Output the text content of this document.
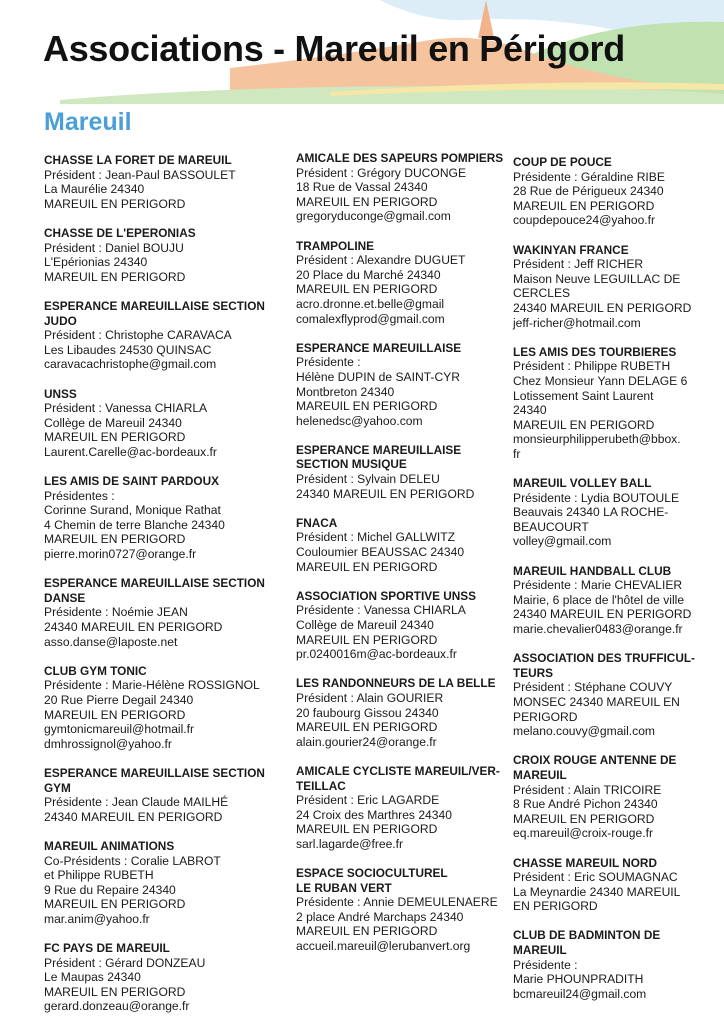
Associations - Mareuil en Périgord
Mareuil
CHASSE LA FORET DE MAREUIL
Président : Jean-Paul BASSOULET
La Maurélie 24340
MAREUIL EN PERIGORD
CHASSE DE L'EPERONIAS
Président : Daniel BOUJU
L'Epérionias 24340
MAREUIL EN PERIGORD
ESPERANCE MAREUILLAISE SECTION JUDO
Président : Christophe CARAVACA
Les Libaudes 24530 QUINSAC
caravacachristophe@gmail.com
UNSS
Président : Vanessa CHIARLA
Collège de Mareuil 24340
MAREUIL EN PERIGORD
Laurent.Carelle@ac-bordeaux.fr
LES AMIS DE SAINT PARDOUX
Présidentes :
Corinne Surand, Monique Rathat
4 Chemin de terre Blanche 24340
MAREUIL EN PERIGORD
pierre.morin0727@orange.fr
ESPERANCE MAREUILLAISE SECTION
DANSE
Présidente : Noémie JEAN
24340 MAREUIL EN PERIGORD
asso.danse@laposte.net
CLUB GYM TONIC
Présidente : Marie-Hélène ROSSIGNOL
20 Rue Pierre Degail 24340
MAREUIL EN PERIGORD
gymtonicmareuil@hotmail.fr
dmhrossignol@yahoo.fr
ESPERANCE MAREUILLAISE SECTION GYM
Présidente : Jean Claude MAILHÉ
24340 MAREUIL EN PERIGORD
MAREUIL ANIMATIONS
Co-Présidents : Coralie LABROT
et Philippe RUBETH
9 Rue du Repaire 24340
MAREUIL EN PERIGORD mar.anim@yahoo.fr
FC PAYS DE MAREUIL
Président : Gérard DONZEAU
Le Maupas 24340
MAREUIL EN PERIGORD
gerard.donzeau@orange.fr
AMICALE DES SAPEURS POMPIERS
Président : Grégory DUCONGE
18 Rue de Vassal 24340
MAREUIL EN PERIGORD
gregoryduconge@gmail.com
TRAMPOLINE
Président : Alexandre DUGUET
20 Place du Marché 24340
MAREUIL EN PERIGORD
acro.dronne.et.belle@gmail
comalexflyprod@gmail.com
ESPERANCE MAREUILLAISE
Présidente :
Hélène DUPIN de SAINT-CYR
Montbreton 24340
MAREUIL EN PERIGORD
helenedsc@yahoo.com
ESPERANCE MAREUILLAISE
SECTION MUSIQUE
Président : Sylvain DELEU
24340 MAREUIL EN PERIGORD
FNACA
Président : Michel GALLWITZ
Couloumier BEAUSSAC 24340
MAREUIL EN PERIGORD
ASSOCIATION SPORTIVE UNSS
Présidente : Vanessa CHIARLA
Collège de Mareuil 24340
MAREUIL EN PERIGORD
pr.0240016m@ac-bordeaux.fr
LES RANDONNEURS DE LA BELLE
Président : Alain GOURIER
20 faubourg Gissou 24340
MAREUIL EN PERIGORD
alain.gourier24@orange.fr
AMICALE CYCLISTE MAREUIL/VER-
TEILLAC
Président : Eric LAGARDE
24 Croix des Marthres 24340
MAREUIL EN PERIGORD
sarl.lagarde@free.fr
ESPACE SOCIOCULTUREL
LE RUBAN VERT
Présidente : Annie DEMEULENAERE
2 place André Marchaps 24340
MAREUIL EN PERIGORD
accueil.mareuil@lerubanvert.org
COUP DE POUCE
Présidente : Géraldine RIBE
28 Rue de Périgueux 24340
MAREUIL EN PERIGORD
coupdepouce24@yahoo.fr
WAKINYAN FRANCE
Président : Jeff RICHER
Maison Neuve LEGUILLAC DE
CERCLES
24340 MAREUIL EN PERIGORD
jeff-richer@hotmail.com
LES AMIS DES TOURBIERES
Président : Philippe RUBETH
Chez Monsieur Yann DELAGE 6
Lotissement Saint Laurent
24340
MAREUIL EN PERIGORD
monsieurphilipperubeth@bbox.
fr
MAREUIL VOLLEY BALL
Présidente : Lydia BOUTOULE
Beauvais 24340 LA ROCHE-
BEAUCOURT
volley@gmail.com
MAREUIL HANDBALL CLUB
Présidente : Marie CHEVALIER
Mairie, 6 place de l'hôtel de ville
24340 MAREUIL EN PERIGORD
marie.chevalier0483@orange.fr
ASSOCIATION DES TRUFFICUL-
TEURS
Président : Stéphane COUVY
MONSEC 24340 MAREUIL EN
PERIGORD
melano.couvy@gmail.com
CROIX ROUGE ANTENNE DE
MAREUIL
Président : Alain TRICOIRE
8 Rue André Pichon 24340
MAREUIL EN PERIGORD
eq.mareuil@croix-rouge.fr
CHASSE MAREUIL NORD
Président : Eric SOUMAGNAC
La Meynardie 24340 MAREUIL
EN PERIGORD
CLUB DE BADMINTON DE
MAREUIL
Présidente :
Marie PHOUNPRADITH
bcmareuil24@gmail.com
